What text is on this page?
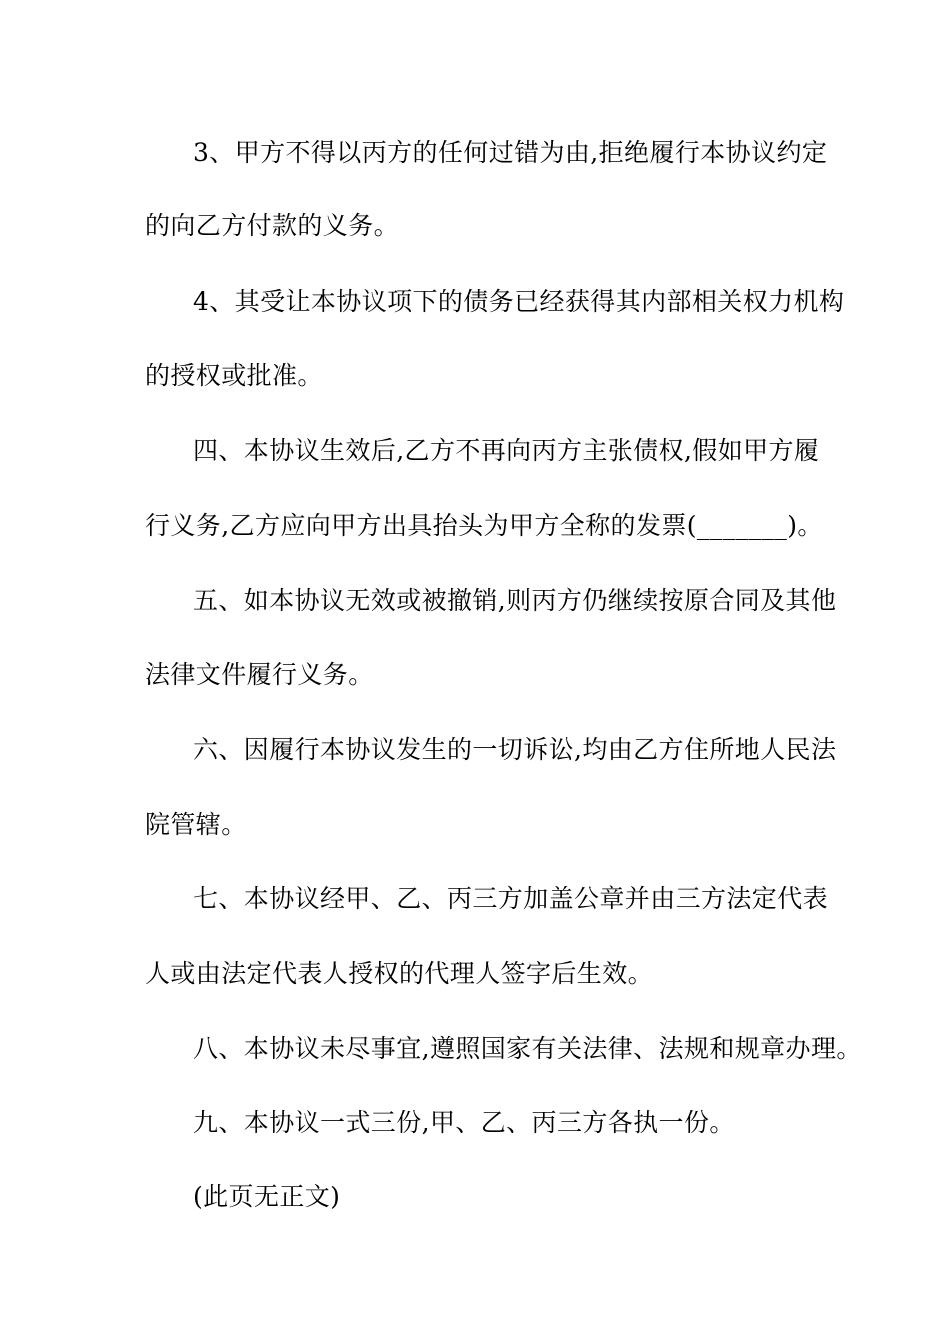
3、甲方不得以丙方的任何过错为由,拒绝履行本协议约定
的向乙方付款的义务。
4、其受让本协议项下的债务已经获得其内部相关权力机构
的授权或批准。
四、本协议生效后,乙方不再向丙方主张债权,假如甲方履
行义务,乙方应向甲方出具抬头为甲方全称的发票(_______)。
五、如本协议无效或被撤销,则丙方仍继续按原合同及其他
法律文件履行义务。
六、因履行本协议发生的一切诉讼,均由乙方住所地人民法
院管辖。
七、本协议经甲、乙、丙三方加盖公章并由三方法定代表
人或由法定代表人授权的代理人签字后生效。
八、本协议未尽事宜,遵照国家有关法律、法规和规章办理。
九、本协议一式三份,甲、乙、丙三方各执一份。
(此页无正文)
